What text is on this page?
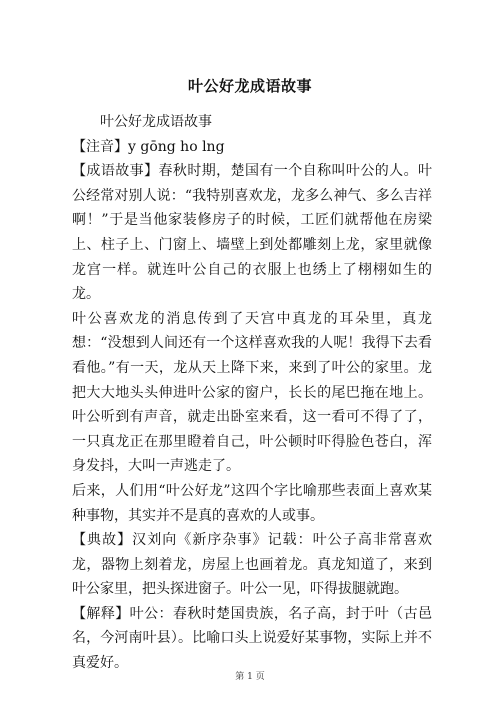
叶公好龙成语故事

叶公好龙成语故事

【注音】y gōng ho lng

【成语故事】春秋时期，楚国有一个自称叫叶公的人。叶公经常对别人说：“我特别喜欢龙，龙多么神气、多么吉祥啊！”于是当他家装修房子的时候，工匠们就帮他在房梁上、柱子上、门窗上、墙壁上到处都雕刻上龙，家里就像龙宫一样。就连叶公自己的衣服上也绣上了栩栩如生的龙。

叶公喜欢龙的消息传到了天宫中真龙的耳朵里，真龙想：“没想到人间还有一个这样喜欢我的人呢！我得下去看看他。”有一天，龙从天上降下来，来到了叶公的家里。龙把大大地头头伸进叶公家的窗户，长长的尾巴拖在地上。叶公听到有声音，就走出卧室来看，这一看可不得了了，一只真龙正在那里瞪着自己，叶公顿时吓得脸色苍白，浑身发抖，大叫一声逃走了。

后来，人们用“叶公好龙”这四个字比喻那些表面上喜欢某种事物，其实并不是真的喜欢的人或事。

【典故】汉刘向《新序杂事》记载：叶公子高非常喜欢龙，器物上刻着龙，房屋上也画着龙。真龙知道了，来到叶公家里，把头探进窗子。叶公一见，吓得拔腿就跑。

【解释】叶公：春秋时楚国贵族，名子高，封于叶（古邑名，今河南叶县）。比喻口头上说爱好某事物，实际上并不真爱好。

第 1 页
